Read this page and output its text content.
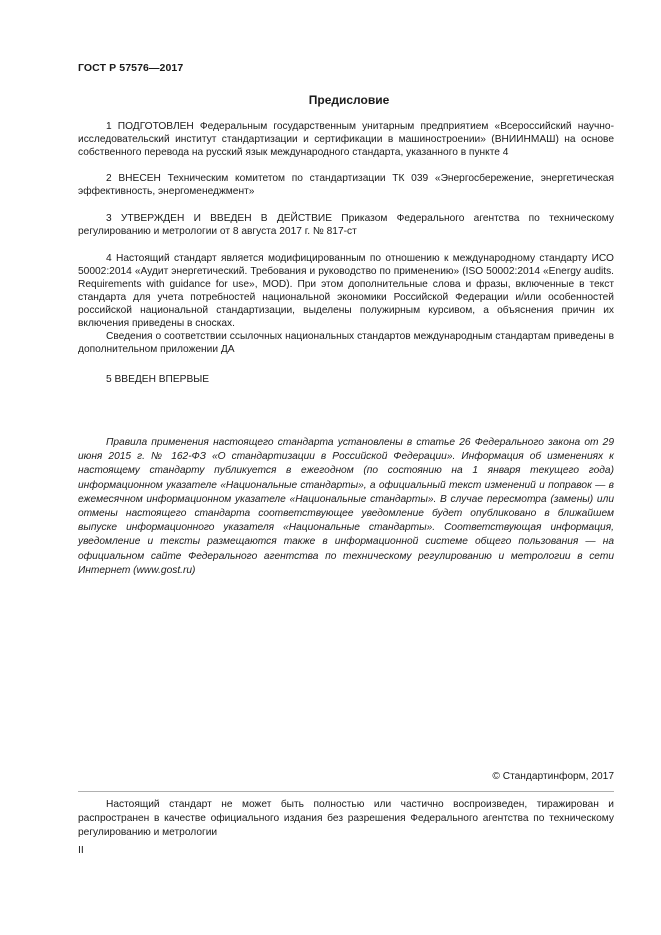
ГОСТ Р 57576—2017
Предисловие

1 ПОДГОТОВЛЕН Федеральным государственным унитарным предприятием «Всероссийский научно-исследовательский институт стандартизации и сертификации в машиностроении» (ВНИИНМАШ) на основе собственного перевода на русский язык международного стандарта, указанного в пункте 4

2 ВНЕСЕН Техническим комитетом по стандартизации ТК 039 «Энергосбережение, энергетическая эффективность, энергоменеджмент»

3 УТВЕРЖДЕН И ВВЕДЕН В ДЕЙСТВИЕ Приказом Федерального агентства по техническому регулированию и метрологии от 8 августа 2017 г. № 817-ст

4 Настоящий стандарт является модифицированным по отношению к международному стандарту ИСО 50002:2014 «Аудит энергетический. Требования и руководство по применению» (ISO 50002:2014 «Energy audits. Requirements with guidance for use», MOD). При этом дополнительные слова и фразы, включенные в текст стандарта для учета потребностей национальной экономики Российской Федерации и/или особенностей российской национальной стандартизации, выделены полужирным курсивом, а объяснения причин их включения приведены в сносках.

Сведения о соответствии ссылочных национальных стандартов международным стандартам приведены в дополнительном приложении ДА

5 ВВЕДЕН ВПЕРВЫЕ

Правила применения настоящего стандарта установлены в статье 26 Федерального закона от 29 июня 2015 г. № 162-ФЗ «О стандартизации в Российской Федерации». Информация об изменениях к настоящему стандарту публикуется в ежегодном (по состоянию на 1 января текущего года) информационном указателе «Национальные стандарты», а официальный текст изменений и поправок — в ежемесячном информационном указателе «Национальные стандарты». В случае пересмотра (замены) или отмены настоящего стандарта соответствующее уведомление будет опубликовано в ближайшем выпуске информационного указателя «Национальные стандарты». Соответствующая информация, уведомление и тексты размещаются также в информационной системе общего пользования — на официальном сайте Федерального агентства по техническому регулированию и метрологии в сети Интернет (www.gost.ru)

© Стандартинформ, 2017

Настоящий стандарт не может быть полностью или частично воспроизведен, тиражирован и распространен в качестве официального издания без разрешения Федерального агентства по техническому регулированию и метрологии

II
